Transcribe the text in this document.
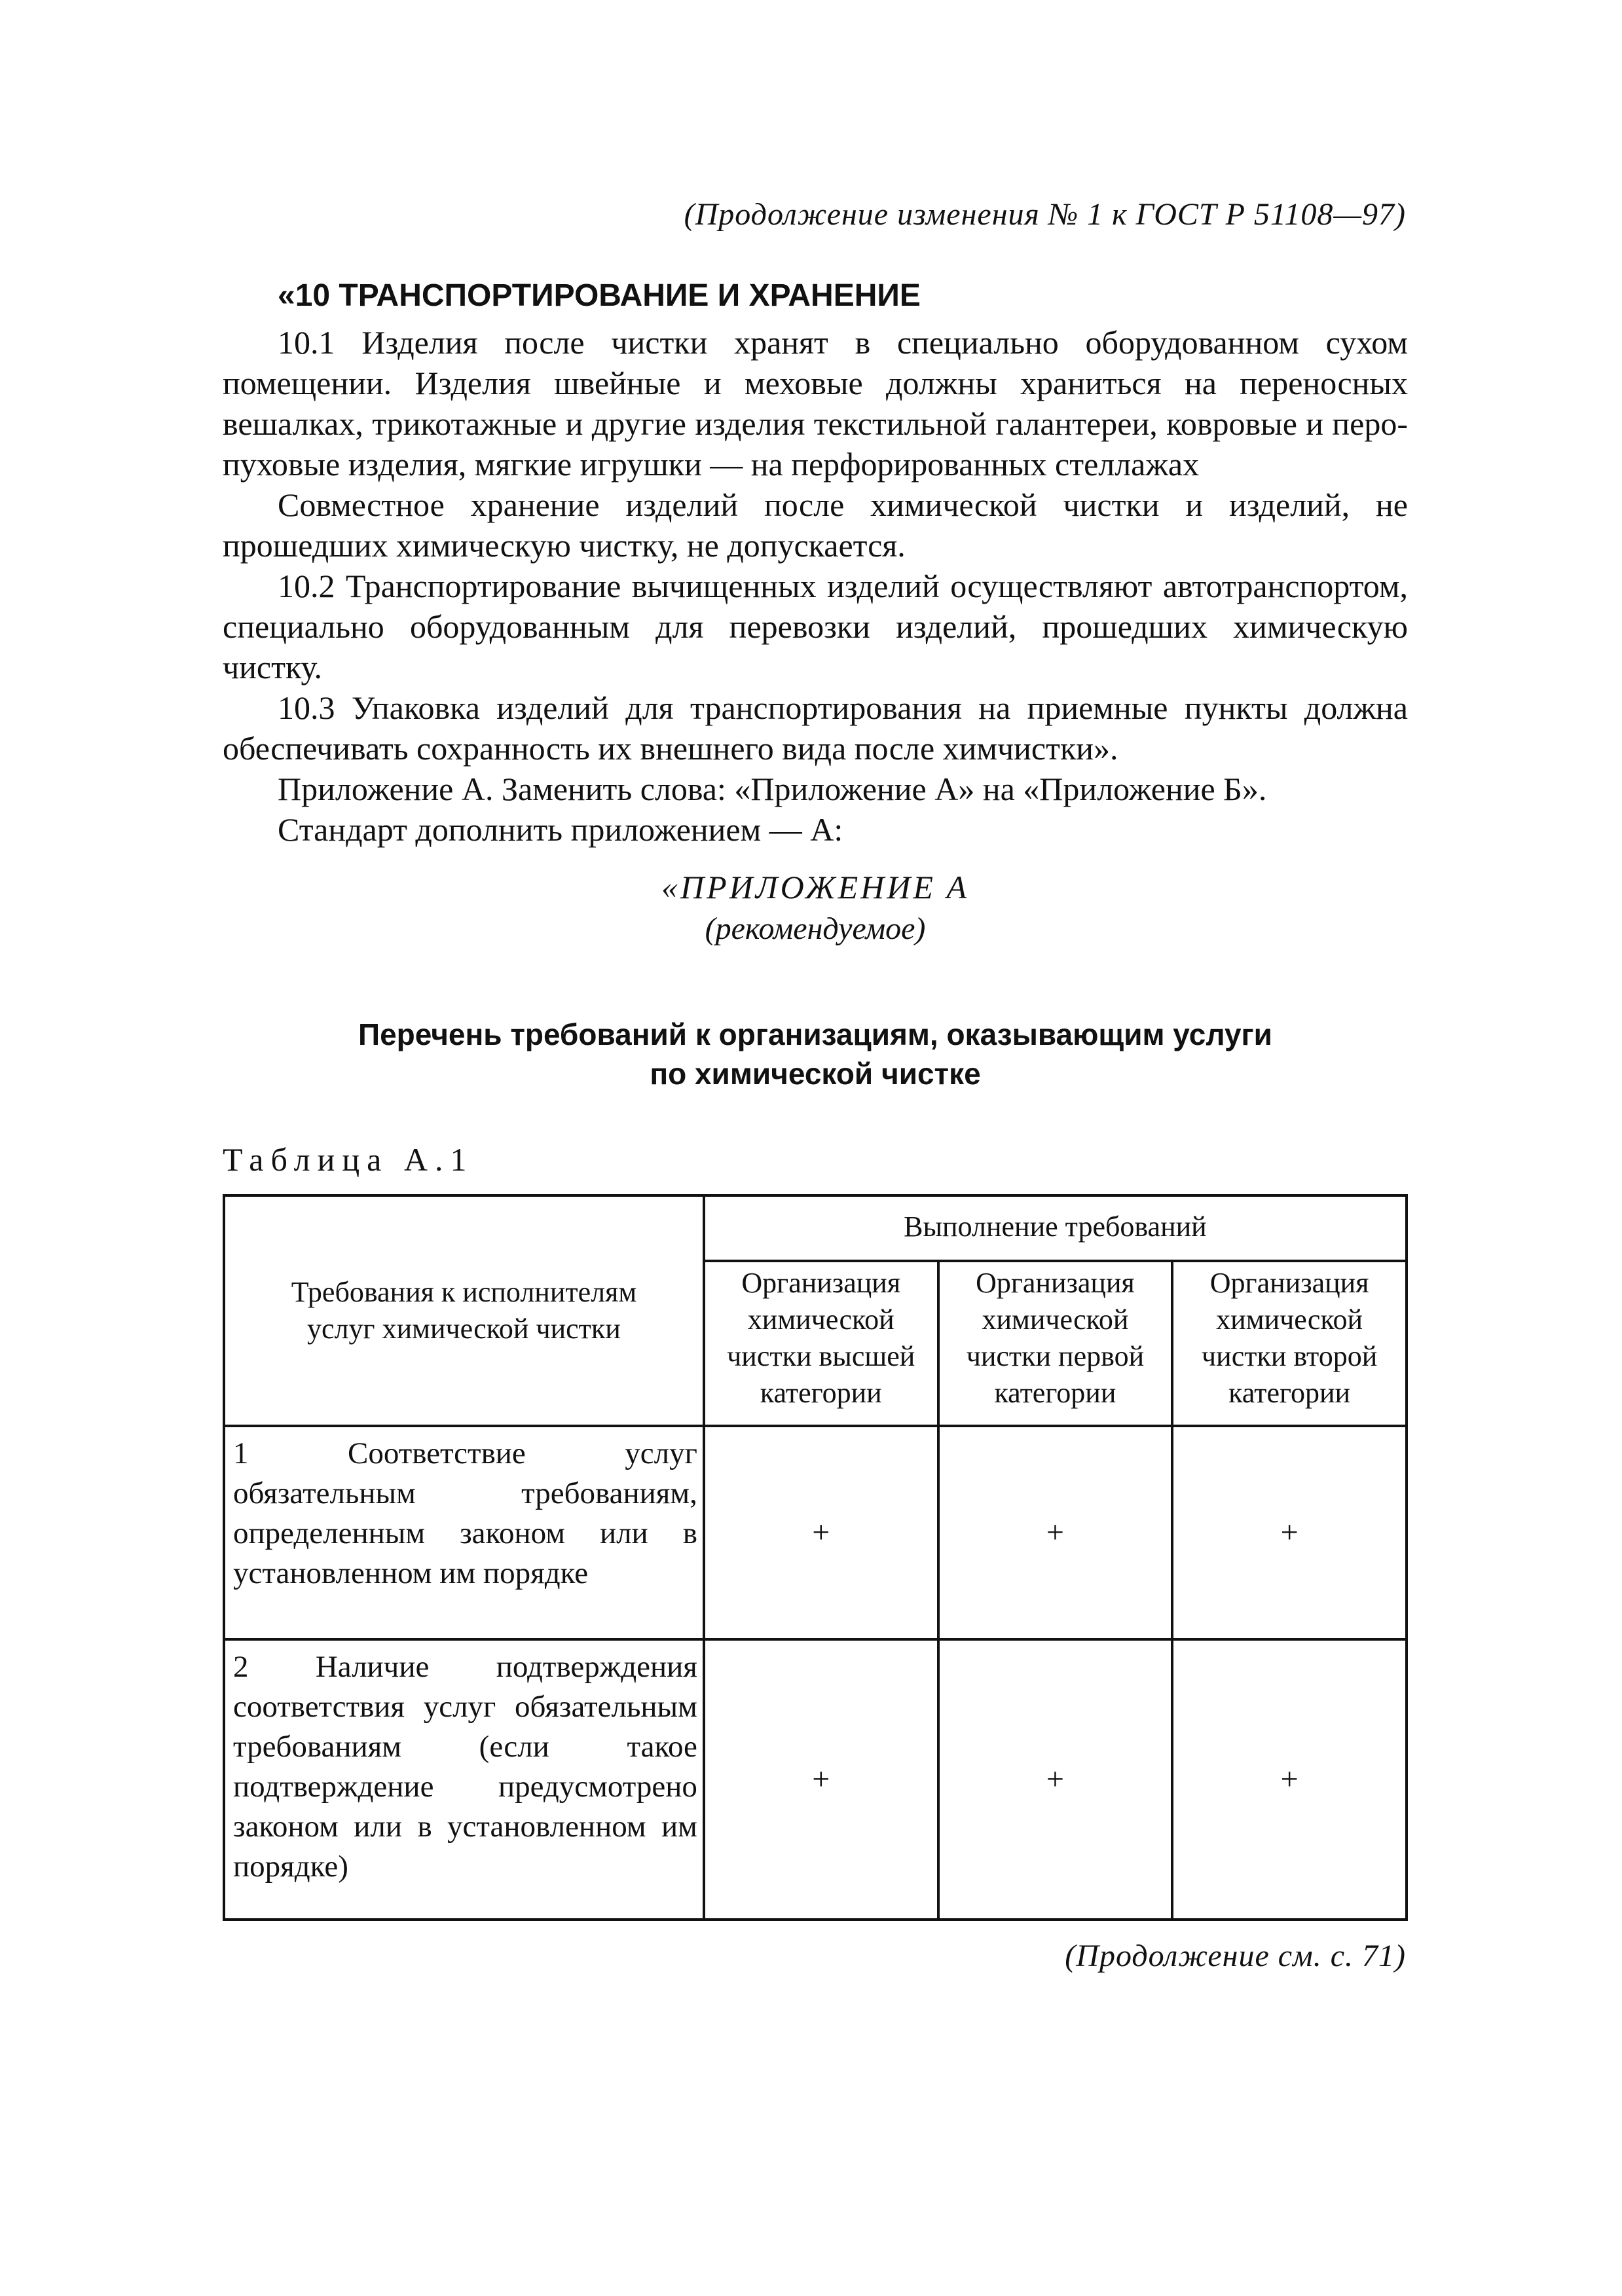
(Продолжение изменения № 1 к ГОСТ Р 51108—97)
«10 ТРАНСПОРТИРОВАНИЕ И ХРАНЕНИЕ

10.1 Изделия после чистки хранят в специально оборудованном сухом помещении. Изделия швейные и меховые должны храниться на переносных вешалках, трикотажные и другие изделия текстильной галантереи, ковровые и перо-пуховые изделия, мягкие игрушки — на перфорированных стеллажах

Совместное хранение изделий после химической чистки и изделий, не прошедших химическую чистку, не допускается.

10.2 Транспортирование вычищенных изделий осуществляют автотранспортом, специально оборудованным для перевозки изделий, прошедших химическую чистку.

10.3 Упаковка изделий для транспортирования на приемные пункты должна обеспечивать сохранность их внешнего вида после химчистки».

Приложение А. Заменить слова: «Приложение А» на «Приложение Б».

Стандарт дополнить приложением — А:

«ПРИЛОЖЕНИЕ А
(рекомендуемое)
Перечень требований к организациям, оказывающим услуги
по химической чистке
Таблица А.1
Требования к исполнителям услуг химической чистки	Выполнение требований		
	Организация химической чистки высшей категории	Организация химической чистки первой категории	Организация химической чистки второй категории
1 Соответствие услуг обязательным требованиям, определенным законом или в установленном им порядке	+	+	+
2 Наличие подтверждения соответствия услуг обязательным требованиям (если такое подтверждение предусмотрено законом или в установленном им порядке)	+	+	+
(Продолжение см. с. 71)
